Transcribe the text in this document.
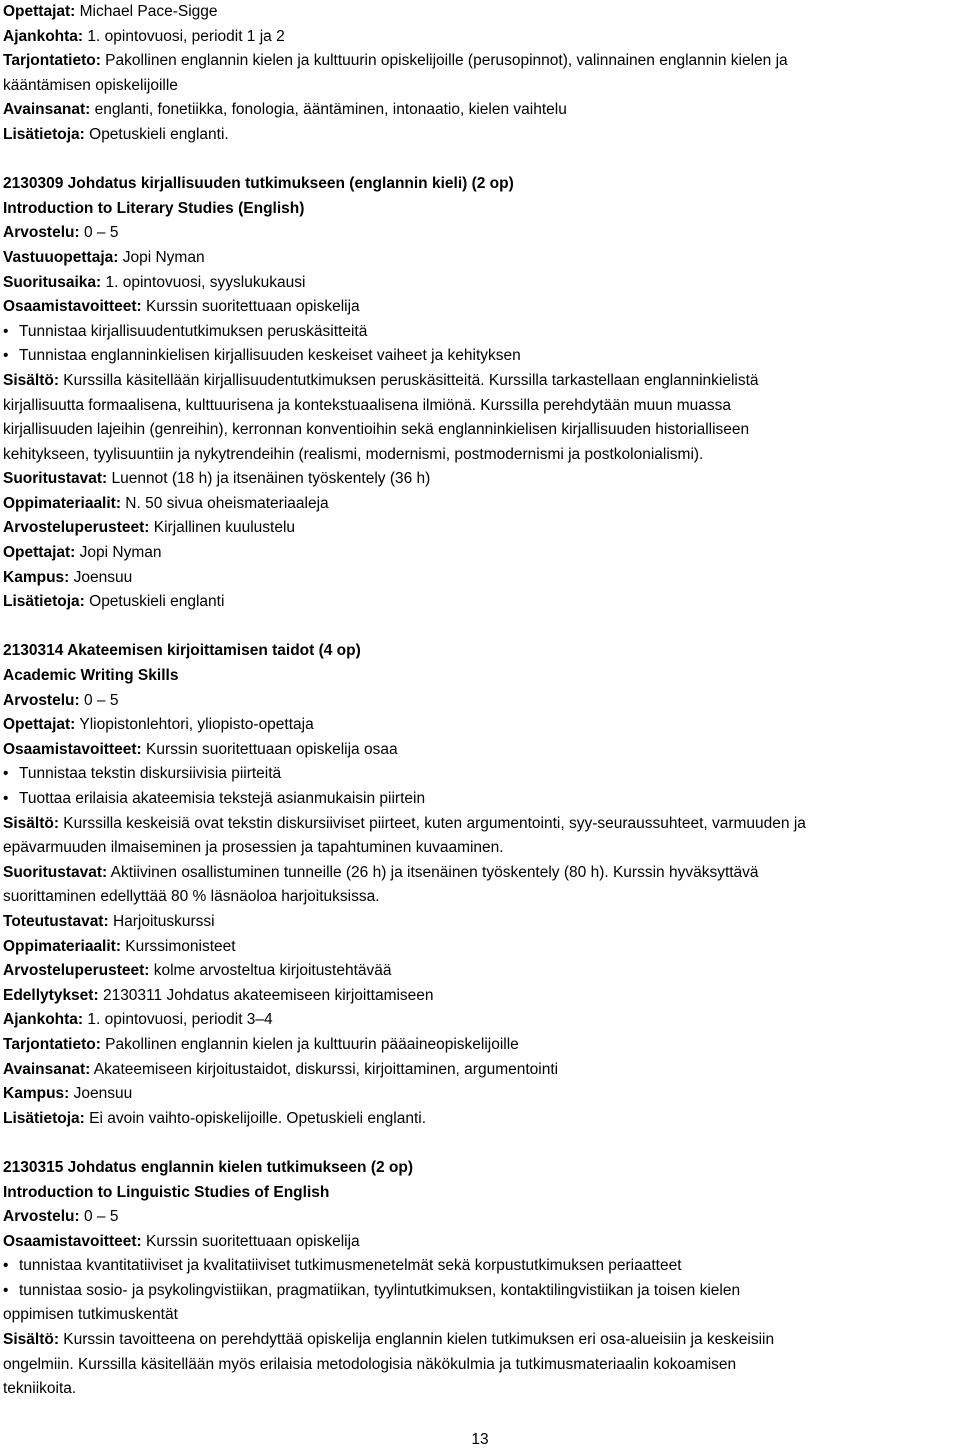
Opettajat: Michael Pace-Sigge
Ajankohta: 1. opintovuosi, periodit 1 ja 2
Tarjontatieto: Pakollinen englannin kielen ja kulttuurin opiskelijoille (perusopinnot), valinnainen englannin kielen ja
kääntämisen opiskelijoille
Avainsanat: englanti, fonetiikka, fonologia, ääntäminen, intonaatio, kielen vaihtelu
Lisätietoja: Opetuskieli englanti.
2130309 Johdatus kirjallisuuden tutkimukseen (englannin kieli) (2 op)
Introduction to Literary Studies (English)
Arvostelu: 0 – 5
Vastuuopettaja: Jopi Nyman
Suoritusaika: 1. opintovuosi, syyslukukausi
Osaamistavoitteet: Kurssin suoritettuaan opiskelija
• Tunnistaa kirjallisuudentutkimuksen peruskäsitteitä
• Tunnistaa englanninkielisen kirjallisuuden keskeiset vaiheet ja kehityksen
Sisältö: Kurssilla käsitellään kirjallisuudentutkimuksen peruskäsitteitä. Kurssilla tarkastellaan englanninkielistä
kirjallisuutta formaalisena, kulttuurisena ja kontekstuaalisena ilmiönä. Kurssilla perehdytään muun muassa
kirjallisuuden lajeihin (genreihin), kerronnan konventioihin sekä englanninkielisen kirjallisuuden historialliseen
kehitykseen, tyylisuuntiin ja nykytrendeihin (realismi, modernismi, postmodernismi ja postkolonialismi).
Suoritustavat: Luennot (18 h) ja itsenäinen työskentely (36 h)
Oppimateriaalit: N. 50 sivua oheismateriaaleja
Arvosteluperusteet: Kirjallinen kuulustelu
Opettajat: Jopi Nyman
Kampus: Joensuu
Lisätietoja: Opetuskieli englanti
2130314 Akateemisen kirjoittamisen taidot (4 op)
Academic Writing Skills
Arvostelu: 0 – 5
Opettajat: Yliopistonlehtori, yliopisto-opettaja
Osaamistavoitteet: Kurssin suoritettuaan opiskelija osaa
• Tunnistaa tekstin diskursiivisia piirteitä
• Tuottaa erilaisia akateemisia tekstejä asianmukaisin piirtein
Sisältö: Kurssilla keskeisiä ovat tekstin diskursiiviset piirteet, kuten argumentointi, syy-seuraussuhteet, varmuuden ja
epävarmuuden ilmaiseminen ja prosessien ja tapahtuminen kuvaaminen.
Suoritustavat: Aktiivinen osallistuminen tunneille (26 h) ja itsenäinen työskentely (80 h). Kurssin hyväksyttävä
suorittaminen edellyttää 80 % läsnäoloa harjoituksissa.
Toteutustavat: Harjoituskurssi
Oppimateriaalit: Kurssimonisteet
Arvosteluperusteet: kolme arvosteltua kirjoitustehtävää
Edellytykset: 2130311 Johdatus akateemiseen kirjoittamiseen
Ajankohta: 1. opintovuosi, periodit 3–4
Tarjontatieto: Pakollinen englannin kielen ja kulttuurin pääaineopiskelijoille
Avainsanat: Akateemiseen kirjoitustaidot, diskurssi, kirjoittaminen, argumentointi
Kampus: Joensuu
Lisätietoja: Ei avoin vaihto-opiskelijoille. Opetuskieli englanti.
2130315 Johdatus englannin kielen tutkimukseen (2 op)
Introduction to Linguistic Studies of English
Arvostelu: 0 – 5
Osaamistavoitteet: Kurssin suoritettuaan opiskelija
• tunnistaa kvantitatiiviset ja kvalitatiiviset tutkimusmenetelmät sekä korpustutkimuksen periaatteet
• tunnistaa sosio- ja psykolingvistiikan, pragmatiikan, tyylintutkimuksen, kontaktilingvistiikan ja toisen kielen
oppimisen tutkimuskentät
Sisältö: Kurssin tavoitteena on perehdyttää opiskelija englannin kielen tutkimuksen eri osa-alueisiin ja keskeisiin
ongelmiin. Kurssilla käsitellään myös erilaisia metodologisia näkökulmia ja tutkimusmateriaalin kokoamisen
tekniikoita.
13
